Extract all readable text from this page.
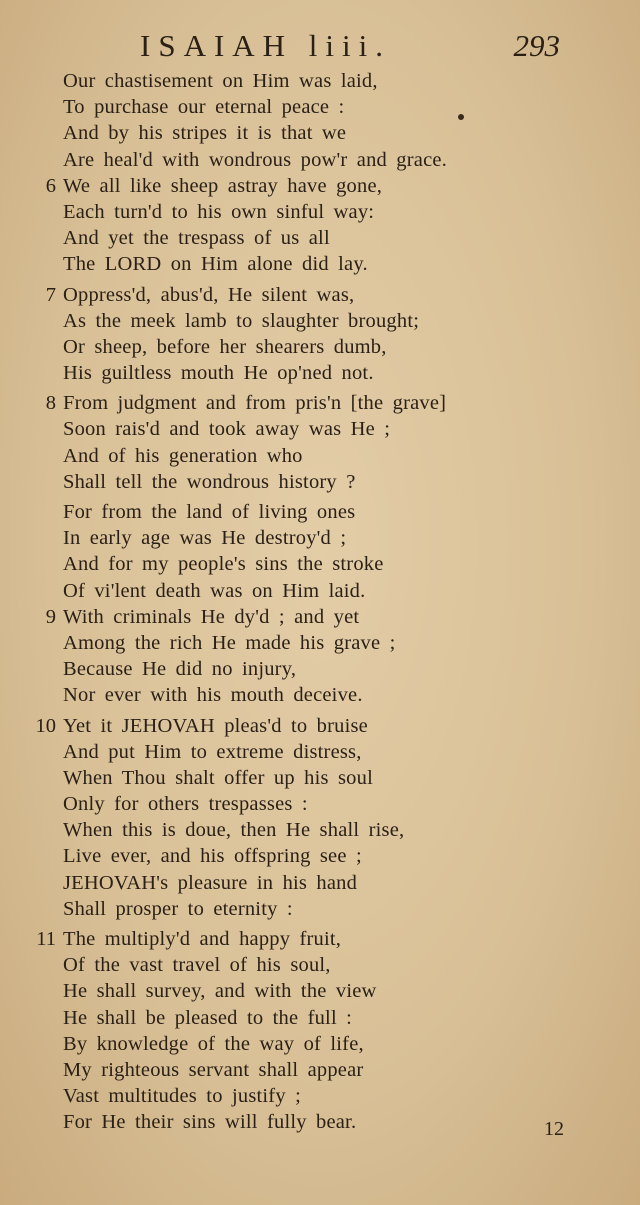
ISAIAH liii.	293
Our chastisement on Him was laid,
To purchase our eternal peace :
And by his stripes it is that we
Are heal'd with wondrous pow'r and grace.
6 We all like sheep astray have gone,
Each turn'd to his own sinful way:
And yet the trespass of us all
The LORD on Him alone did lay.
7 Oppress'd, abus'd, He silent was,
As the meek lamb to slaughter brought;
Or sheep, before her shearers dumb,
His guiltless mouth He op'ned not.
8 From judgment and from pris'n [the grave]
Soon rais'd and took away was He ;
And of his generation who
Shall tell the wondrous history ?
For from the land of living ones
In early age was He destroy'd ;
And for my people's sins the stroke
Of vi'lent death was on Him laid.
9 With criminals He dy'd ; and yet
Among the rich He made his grave ;
Because He did no injury,
Nor ever with his mouth deceive.
10 Yet it JEHOVAH pleas'd to bruise
And put Him to extreme distress,
When Thou shalt offer up his soul
Only for others trespasses :
When this is doue, then He shall rise,
Live ever, and his offspring see ;
JEHOVAH's pleasure in his hand
Shall prosper to eternity :
11 The multiply'd and happy fruit,
Of the vast travel of his soul,
He shall survey, and with the view
He shall be pleased to the full :
By knowledge of the way of life,
My righteous servant shall appear
Vast multitudes to justify ;
For He their sins will fully bear.	12
